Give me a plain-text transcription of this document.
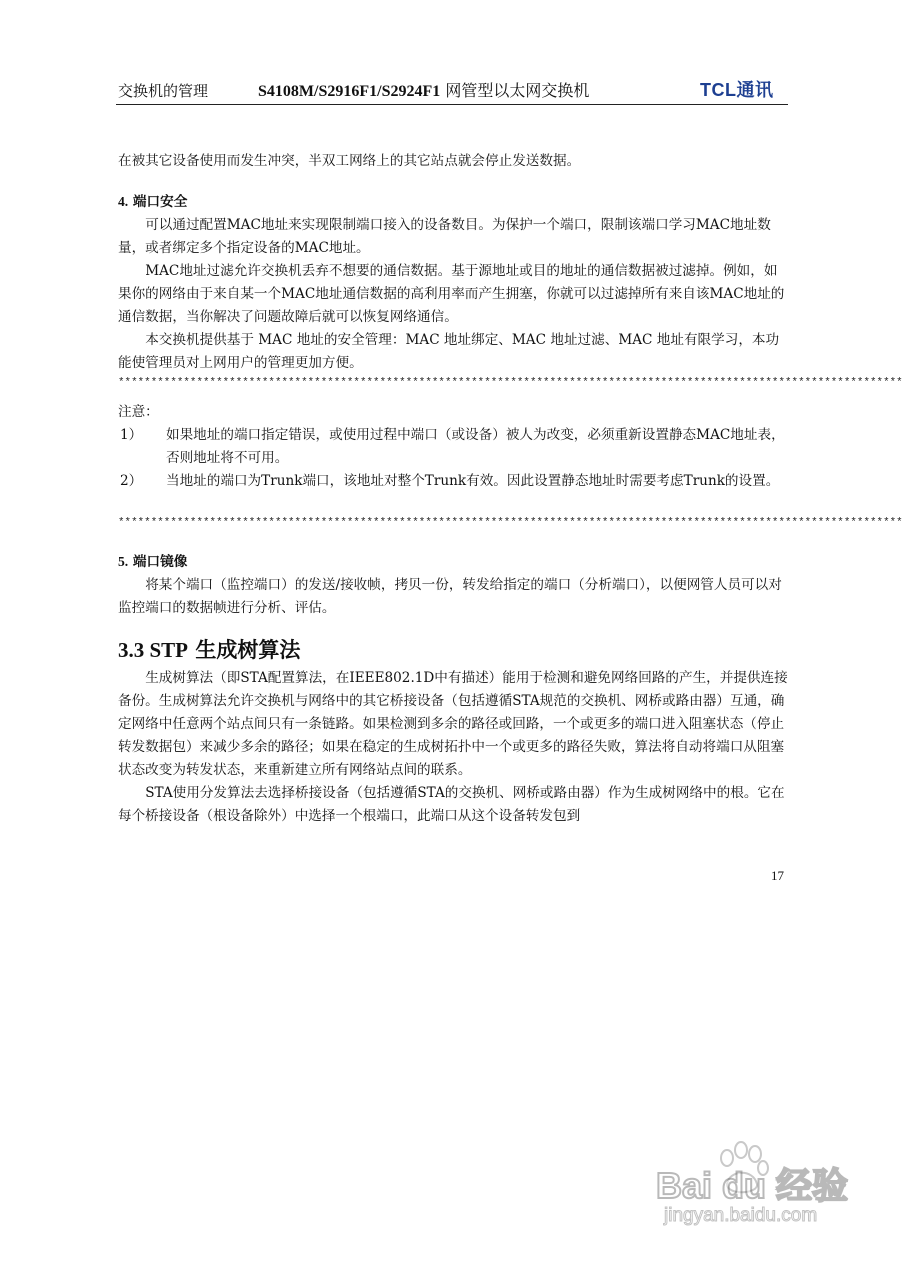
交换机的管理	S4108M/S2916F1/S2924F1 网管型以太网交换机	TCL通讯

在被其它设备使用而发生冲突，半双工网络上的其它站点就会停止发送数据。

4. 端口安全

可以通过配置MAC地址来实现限制端口接入的设备数目。为保护一个端口，限制该端口学习MAC地址数量，或者绑定多个指定设备的MAC地址。

MAC地址过滤允许交换机丢弃不想要的通信数据。基于源地址或目的地址的通信数据被过滤掉。例如，如果你的网络由于来自某一个MAC地址通信数据的高利用率而产生拥塞，你就可以过滤掉所有来自该MAC地址的通信数据，当你解决了问题故障后就可以恢复网络通信。

本交换机提供基于 MAC 地址的安全管理：MAC 地址绑定、MAC 地址过滤、MAC 地址有限学习，本功能使管理员对上网用户的管理更加方便。

************************************************************************************************************************

注意：

1）	如果地址的端口指定错误，或使用过程中端口（或设备）被人为改变，必须重新设置静态MAC地址表，否则地址将不可用。
2）	当地址的端口为Trunk端口，该地址对整个Trunk有效。因此设置静态地址时需要考虑Trunk的设置。
************************************************************************************************************************

5. 端口镜像

将某个端口（监控端口）的发送/接收帧，拷贝一份，转发给指定的端口（分析端口），以便网管人员可以对监控端口的数据帧进行分析、评估。

3.3 STP 生成树算法

生成树算法（即STA配置算法，在IEEE802.1D中有描述）能用于检测和避免网络回路的产生，并提供连接备份。生成树算法允许交换机与网络中的其它桥接设备（包括遵循STA规范的交换机、网桥或路由器）互通，确定网络中任意两个站点间只有一条链路。如果检测到多余的路径或回路，一个或更多的端口进入阻塞状态（停止转发数据包）来减少多余的路径；如果在稳定的生成树拓扑中一个或更多的路径失败，算法将自动将端口从阻塞状态改变为转发状态，来重新建立所有网络站点间的联系。

STA使用分发算法去选择桥接设备（包括遵循STA的交换机、网桥或路由器）作为生成树网络中的根。它在每个桥接设备（根设备除外）中选择一个根端口，此端口从这个设备转发包到

17
Bai du 经验
jingyan.baidu.com
